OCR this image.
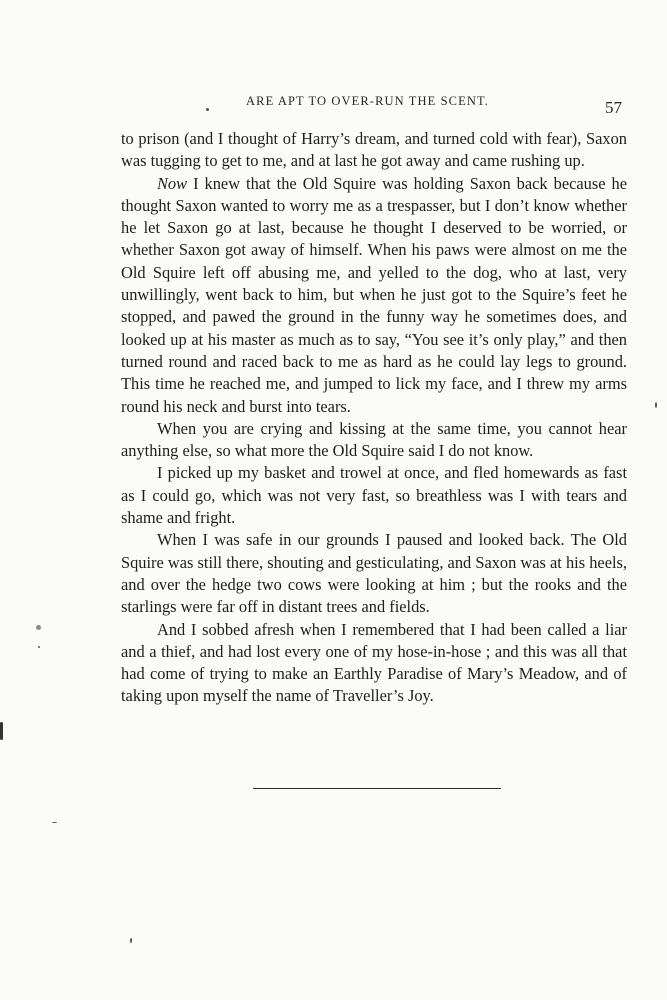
ARE APT TO OVER-RUN THE SCENT.	57

to prison (and I thought of Harry’s dream, and turned cold with fear), Saxon was tugging to get to me, and at last he got away and came rushing up.

Now I knew that the Old Squire was holding Saxon back because he thought Saxon wanted to worry me as a trespasser, but I don’t know whether he let Saxon go at last, because he thought I deserved to be worried, or whether Saxon got away of himself. When his paws were almost on me the Old Squire left off abusing me, and yelled to the dog, who at last, very unwillingly, went back to him, but when he just got to the Squire’s feet he stopped, and pawed the ground in the funny way he sometimes does, and looked up at his master as much as to say, “You see it’s only play,” and then turned round and raced back to me as hard as he could lay legs to ground. This time he reached me, and jumped to lick my face, and I threw my arms round his neck and burst into tears.

When you are crying and kissing at the same time, you cannot hear anything else, so what more the Old Squire said I do not know.

I picked up my basket and trowel at once, and fled homewards as fast as I could go, which was not very fast, so breathless was I with tears and shame and fright.

When I was safe in our grounds I paused and looked back. The Old Squire was still there, shouting and gesticulating, and Saxon was at his heels, and over the hedge two cows were looking at him ; but the rooks and the starlings were far off in distant trees and fields.

And I sobbed afresh when I remembered that I had been called a liar and a thief, and had lost every one of my hose-in-hose ; and this was all that had come of trying to make an Earthly Paradise of Mary’s Meadow, and of taking upon myself the name of Traveller’s Joy.
